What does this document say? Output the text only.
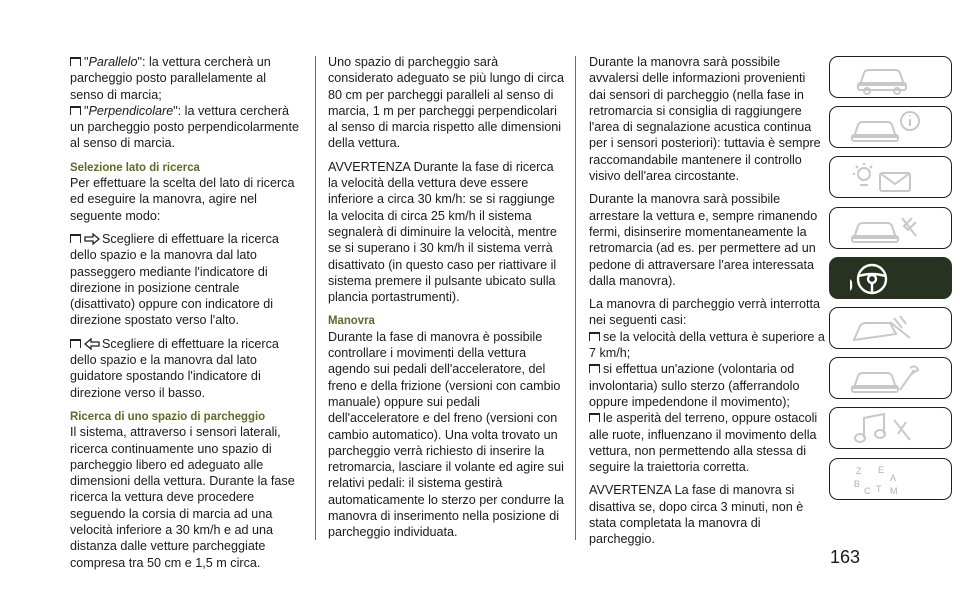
"Parallelo": la vettura cercherà un parcheggio posto parallelamente al senso di marcia;

"Perpendicolare": la vettura cercherà un parcheggio posto perpendicolarmente al senso di marcia.

Selezione lato di ricerca

Per effettuare la scelta del lato di ricerca ed eseguire la manovra, agire nel seguente modo:

Scegliere di effettuare la ricerca dello spazio e la manovra dal lato passeggero mediante l'indicatore di direzione in posizione centrale (disattivato) oppure con indicatore di direzione spostato verso l'alto.

Scegliere di effettuare la ricerca dello spazio e la manovra dal lato guidatore spostando l'indicatore di direzione verso il basso.

Ricerca di uno spazio di parcheggio

Il sistema, attraverso i sensori laterali, ricerca continuamente uno spazio di parcheggio libero ed adeguato alle dimensioni della vettura. Durante la fase ricerca la vettura deve procedere seguendo la corsia di marcia ad una velocità inferiore a 30 km/h e ad una distanza dalle vetture parcheggiate compresa tra 50 cm e 1,5 m circa.

Uno spazio di parcheggio sarà considerato adeguato se più lungo di circa 80 cm per parcheggi paralleli al senso di marcia, 1 m per parcheggi perpendicolari al senso di marcia rispetto alle dimensioni della vettura.

AVVERTENZA Durante la fase di ricerca la velocità della vettura deve essere inferiore a circa 30 km/h: se si raggiunge la velocita di circa 25 km/h il sistema segnalerà di diminuire la velocità, mentre se si superano i 30 km/h il sistema verrà disattivato (in questo caso per riattivare il sistema premere il pulsante ubicato sulla plancia portastrumenti).

Manovra

Durante la fase di manovra è possibile controllare i movimenti della vettura agendo sui pedali dell'acceleratore, del freno e della frizione (versioni con cambio manuale) oppure sui pedali dell'acceleratore e del freno (versioni con cambio automatico). Una volta trovato un parcheggio verrà richiesto di inserire la retromarcia, lasciare il volante ed agire sui relativi pedali: il sistema gestirà automaticamente lo sterzo per condurre la manovra di inserimento nella posizione di parcheggio individuata.

Durante la manovra sarà possibile avvalersi delle informazioni provenienti dai sensori di parcheggio (nella fase in retromarcia si consiglia di raggiungere l'area di segnalazione acustica continua per i sensori posteriori): tuttavia è sempre raccomandabile mantenere il controllo visivo dell'area circostante.

Durante la manovra sarà possibile arrestare la vettura e, sempre rimanendo fermi, disinserire momentaneamente la retromarcia (ad es. per permettere ad un pedone di attraversare l'area interessata dalla manovra).

La manovra di parcheggio verrà interrotta nei seguenti casi:

se la velocità della vettura è superiore a 7 km/h;

si effettua un'azione (volontaria od involontaria) sullo sterzo (afferrandolo oppure impedendone il movimento);

le asperità del terreno, oppure ostacoli alle ruote, influenzano il movimento della vettura, non permettendo alla stessa di seguire la traiettoria corretta.

AVVERTENZA La fase di manovra si disattiva se, dopo circa 3 minuti, non è stata completata la manovra di parcheggio.

Z E
A
B
C T M
163
